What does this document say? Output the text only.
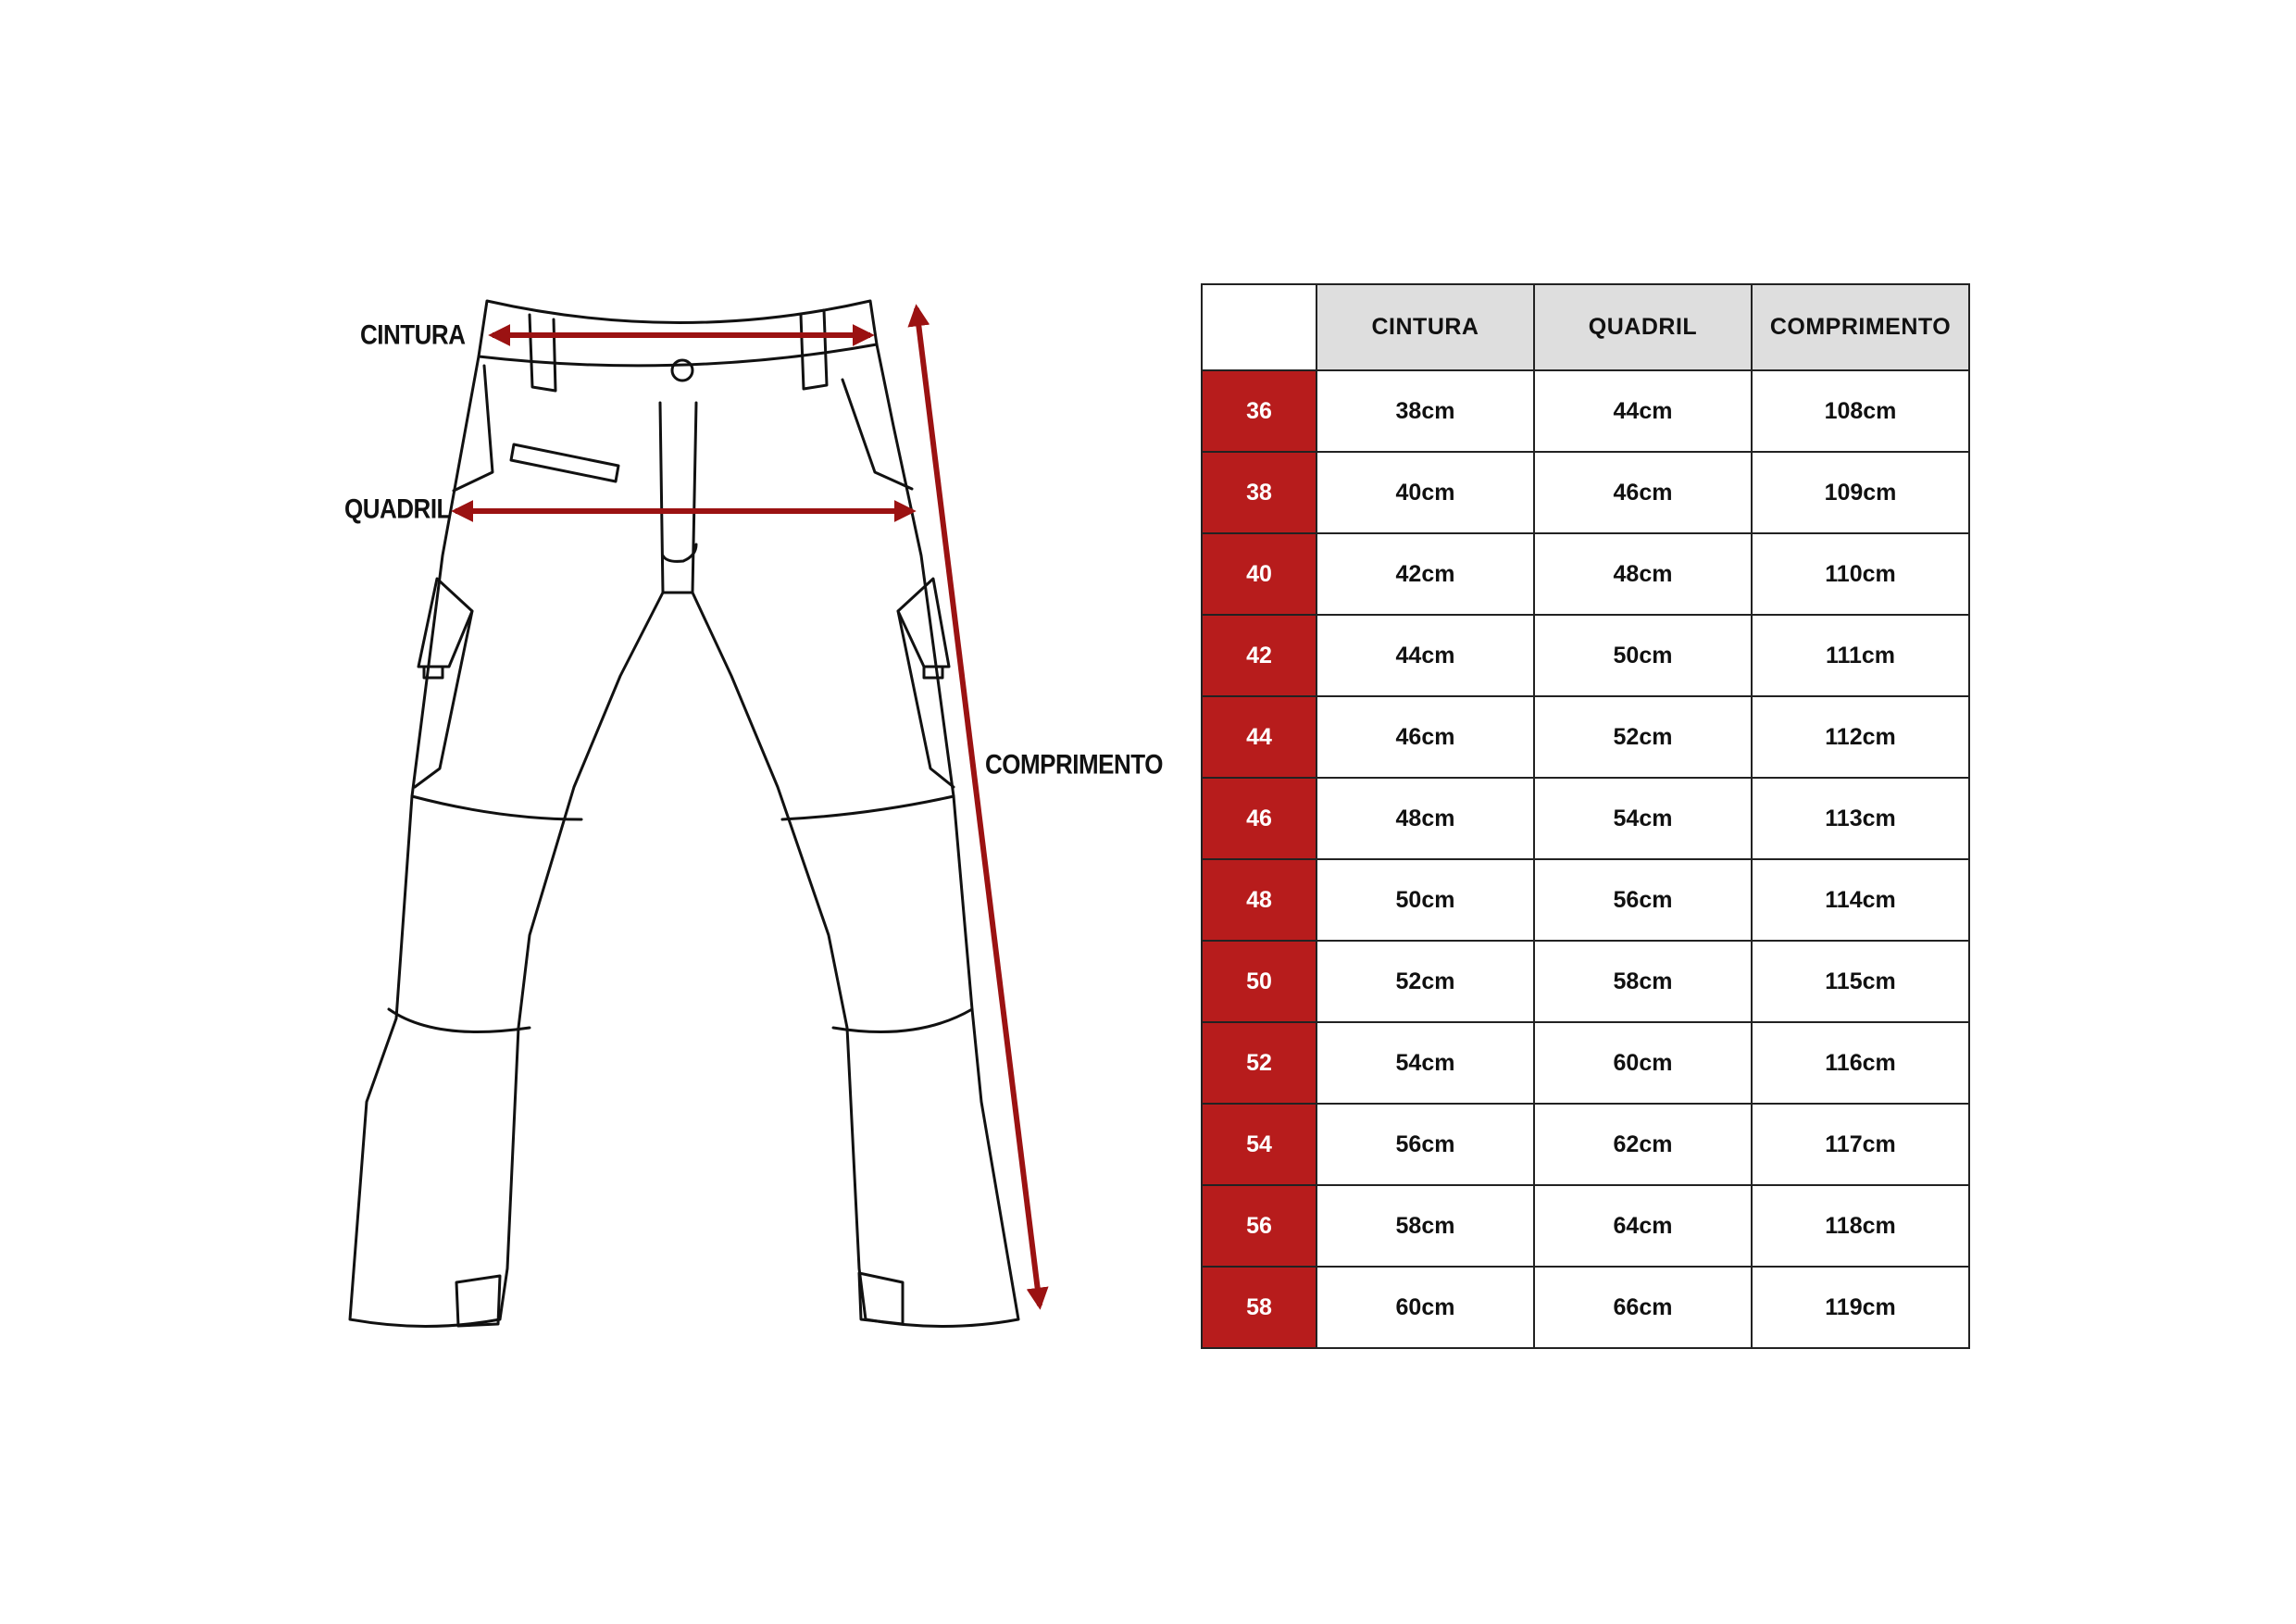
CINTURA
QUADRIL
COMPRIMENTO
	CINTURA	QUADRIL	COMPRIMENTO
36	38cm	44cm	108cm
38	40cm	46cm	109cm
40	42cm	48cm	110cm
42	44cm	50cm	111cm
44	46cm	52cm	112cm
46	48cm	54cm	113cm
48	50cm	56cm	114cm
50	52cm	58cm	115cm
52	54cm	60cm	116cm
54	56cm	62cm	117cm
56	58cm	64cm	118cm
58	60cm	66cm	119cm
